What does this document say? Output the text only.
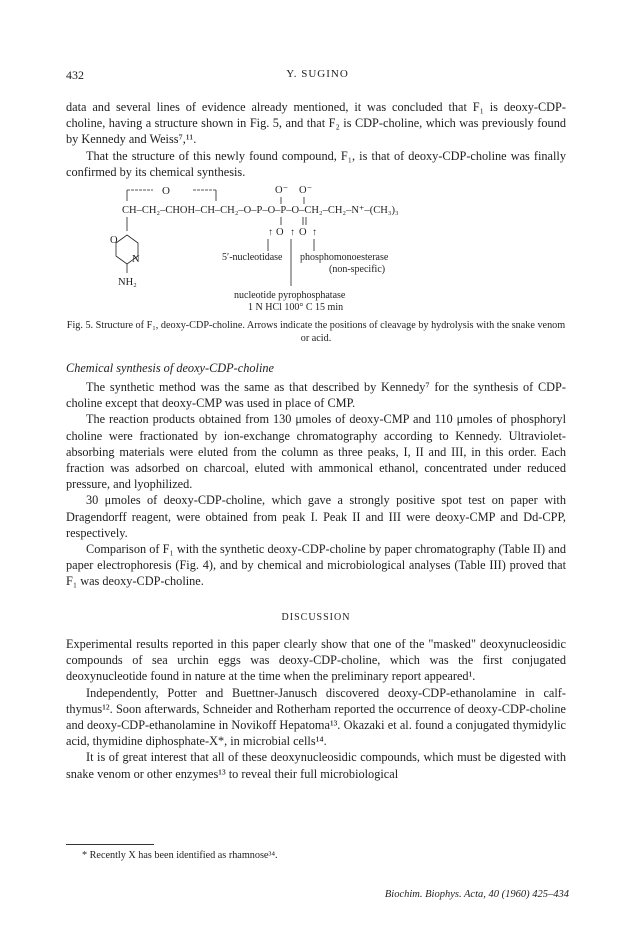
432	Y. SUGINO

data and several lines of evidence already mentioned, it was concluded that F₁ is deoxy-CDP-choline, having a structure shown in Fig. 5, and that F₂ is CDP-choline, which was previously found by Kennedy and Weiss⁷,¹¹.

That the structure of this newly found compound, F₁, is that of deoxy-CDP-choline was finally confirmed by its chemical synthesis.

O	O⁻ O⁻
CH–CH₂–CHOH–CH–CH₂–O–P–O–P–O–CH₂–CH₂–N⁺–(CH₃)₃
O O
↑ ↑ ↑
O
N
NH₂
5′-nucleotidase phosphomonoesterase
(non-specific)
nucleotide pyrophosphatase
1 N HCl 100° C 15 min
Fig. 5. Structure of F₁, deoxy-CDP-choline. Arrows indicate the positions of cleavage by hydrolysis with the snake venom or acid.
Chemical synthesis of deoxy-CDP-choline

The synthetic method was the same as that described by Kennedy⁷ for the synthesis of CDP-choline except that deoxy-CMP was used in place of CMP.

The reaction products obtained from 130 μmoles of deoxy-CMP and 110 μmoles of phosphoryl choline were fractionated by ion-exchange chromatography according to Kennedy. Ultraviolet-absorbing materials were eluted from the column as three peaks, I, II and III, in this order. Each fraction was adsorbed on charcoal, eluted with ammonical ethanol, concentrated under reduced pressure, and lyophilized.

30 μmoles of deoxy-CDP-choline, which gave a strongly positive spot test on paper with Dragendorff reagent, were obtained from peak I. Peak II and III were deoxy-CMP and Dd-CPP, respectively.

Comparison of F₁ with the synthetic deoxy-CDP-choline by paper chromatography (Table II) and paper electrophoresis (Fig. 4), and by chemical and microbiological analyses (Table III) proved that F₁ was deoxy-CDP-choline.

DISCUSSION

Experimental results reported in this paper clearly show that one of the "masked" deoxynucleosidic compounds of sea urchin eggs was deoxy-CDP-choline, which was the first conjugated deoxynucleotide found in nature at the time when the preliminary report appeared¹.

Independently, Potter and Buettner-Janusch discovered deoxy-CDP-ethanolamine in calf-thymus¹². Soon afterwards, Schneider and Rotherham reported the occurrence of deoxy-CDP-choline and deoxy-CDP-ethanolamine in Novikoff Hepatoma¹³. Okazaki et al. found a conjugated thymidylic acid, thymidine diphosphate-X*, in microbial cells¹⁴.

It is of great interest that all of these deoxynucleosidic compounds, which must be digested with snake venom or other enzymes¹³ to reveal their full microbiological

* Recently X has been identified as rhamnose³⁴.
Biochim. Biophys. Acta, 40 (1960) 425–434
